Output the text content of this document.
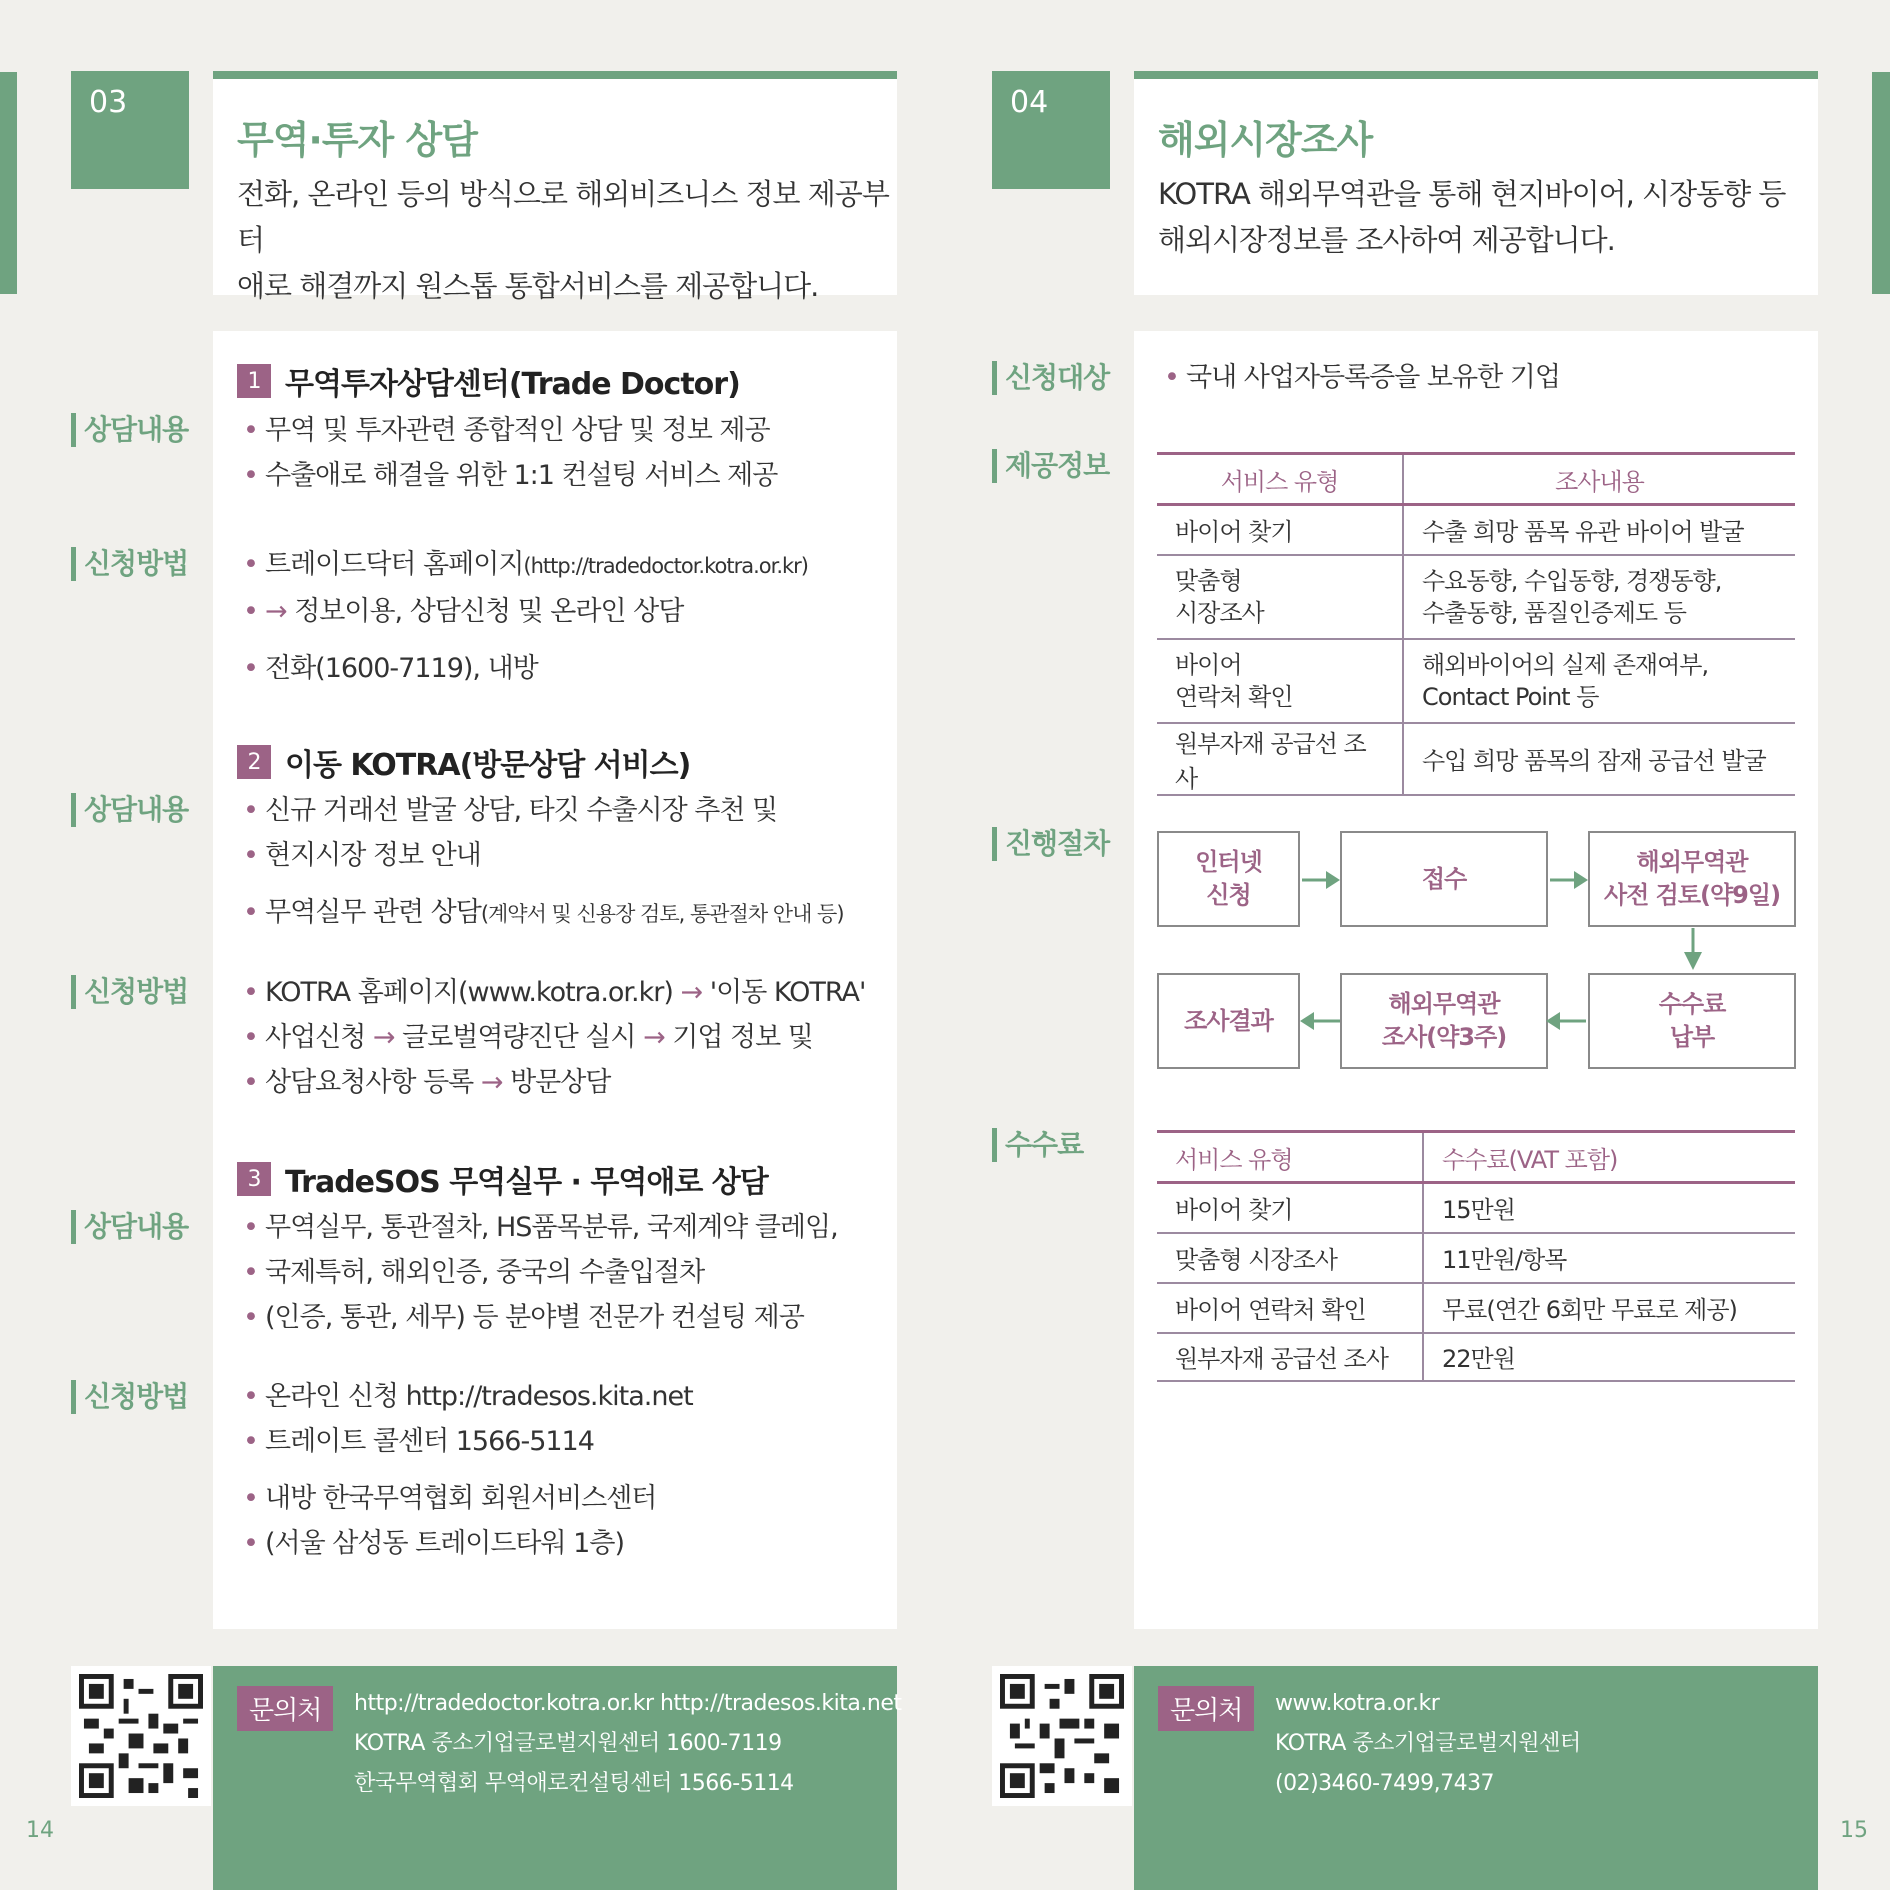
03
무역·투자 상담
전화, 온라인 등의 방식으로 해외비즈니스 정보 제공부터
애로 해결까지 원스톱 통합서비스를 제공합니다.
1 무역투자상담센터(Trade Doctor)
상담내용	• 무역 및 투자관련 종합적인 상담 및 정보 제공
• 수출애로 해결을 위한 1:1 컨설팅 서비스 제공
신청방법	• 트레이드닥터 홈페이지(http://tradedoctor.kotra.or.kr)
• → 정보이용, 상담신청 및 온라인 상담
• 전화(1600-7119), 내방
2 이동 KOTRA(방문상담 서비스)
상담내용	• 신규 거래선 발굴 상담, 타깃 수출시장 추천 및
• 현지시장 정보 안내
• 무역실무 관련 상담(계약서 및 신용장 검토, 통관절차 안내 등)
신청방법	• KOTRA 홈페이지(www.kotra.or.kr) → '이동 KOTRA'
• 사업신청 → 글로벌역량진단 실시 → 기업 정보 및
• 상담요청사항 등록 → 방문상담
3 TradeSOS 무역실무 · 무역애로 상담
상담내용	• 무역실무, 통관절차, HS품목분류, 국제계약 클레임,
• 국제특허, 해외인증, 중국의 수출입절차
• (인증, 통관, 세무) 등 분야별 전문가 컨설팅 제공
신청방법	• 온라인 신청 http://tradesos.kita.net
• 트레이트 콜센터 1566-5114
• 내방 한국무역협회 회원서비스센터
• (서울 삼성동 트레이드타워 1층)
문의처	http://tradedoctor.kotra.or.kr http://tradesos.kita.net
KOTRA 중소기업글로벌지원센터 1600-7119
한국무역협회 무역애로컨설팅센터 1566-5114
14
04
해외시장조사
KOTRA 해외무역관을 통해 현지바이어, 시장동향 등
해외시장정보를 조사하여 제공합니다.
신청대상	• 국내 사업자등록증을 보유한 기업
제공정보	서비스 유형	조사내용
바이어 찾기	수출 희망 품목 유관 바이어 발굴
맞춤형
시장조사	수요동향, 수입동향, 경쟁동향,
수출동향, 품질인증제도 등
바이어
연락처 확인	해외바이어의 실제 존재여부,
Contact Point 등
원부자재 공급선 조사	수입 희망 품목의 잠재 공급선 발굴
진행절차
인터넷
신청
접수
해외무역관
사전 검토(약9일)
수수료
납부
해외무역관
조사(약3주)
조사결과
수수료	서비스 유형	수수료(VAT 포함)
바이어 찾기	15만원
맞춤형 시장조사	11만원/항목
바이어 연락처 확인	무료(연간 6회만 무료로 제공)
원부자재 공급선 조사	22만원
문의처	www.kotra.or.kr
KOTRA 중소기업글로벌지원센터
(02)3460-7499,7437
15
